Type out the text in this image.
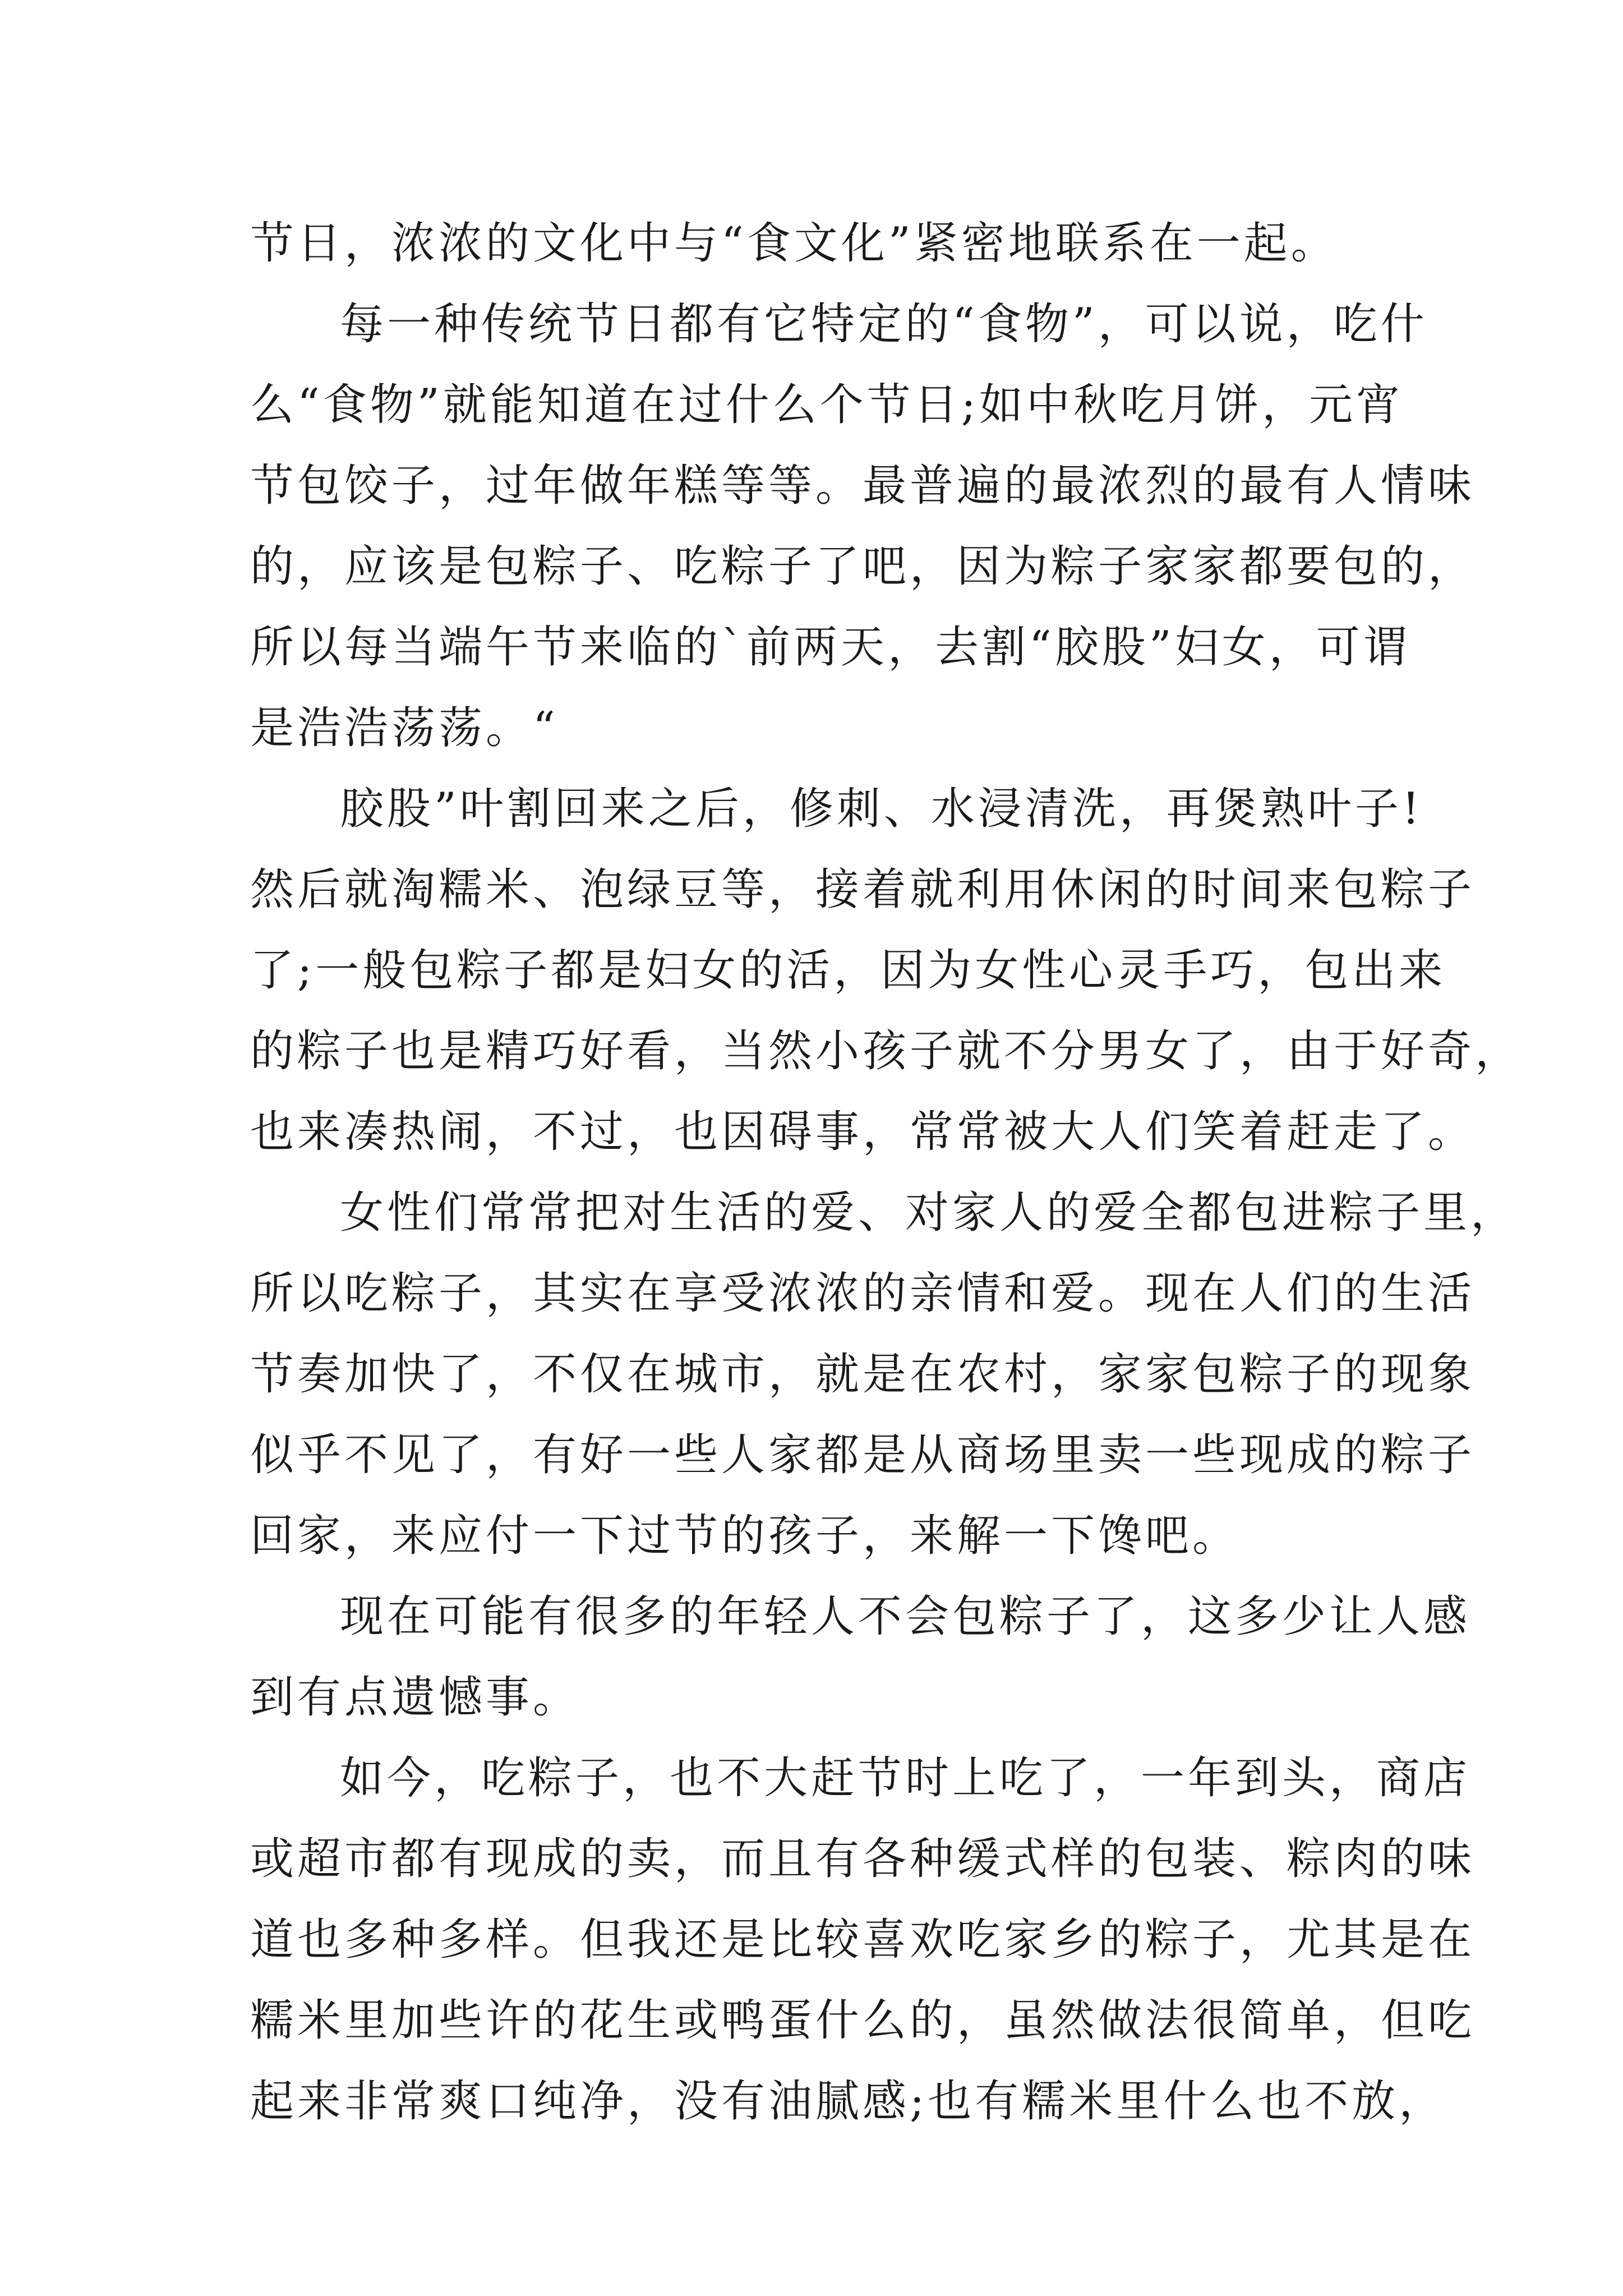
节日，浓浓的文化中与“食文化”紧密地联系在一起。
每一种传统节日都有它特定的“食物”，可以说，吃什
么“食物”就能知道在过什么个节日;如中秋吃月饼，元宵
节包饺子，过年做年糕等等。最普遍的最浓烈的最有人情味
的，应该是包粽子、吃粽子了吧，因为粽子家家都要包的，
所以每当端午节来临的`前两天，去割“胶股”妇女，可谓
是浩浩荡荡。“
胶股”叶割回来之后，修刺、水浸清洗，再煲熟叶子!
然后就淘糯米、泡绿豆等，接着就利用休闲的时间来包粽子
了;一般包粽子都是妇女的活，因为女性心灵手巧，包出来
的粽子也是精巧好看，当然小孩子就不分男女了，由于好奇，
也来凑热闹，不过，也因碍事，常常被大人们笑着赶走了。
女性们常常把对生活的爱、对家人的爱全都包进粽子里，
所以吃粽子，其实在享受浓浓的亲情和爱。现在人们的生活
节奏加快了，不仅在城市，就是在农村，家家包粽子的现象
似乎不见了，有好一些人家都是从商场里卖一些现成的粽子
回家，来应付一下过节的孩子，来解一下馋吧。
现在可能有很多的年轻人不会包粽子了，这多少让人感
到有点遗憾事。
如今，吃粽子，也不大赶节时上吃了，一年到头，商店
或超市都有现成的卖，而且有各种缓式样的包装、粽肉的味
道也多种多样。但我还是比较喜欢吃家乡的粽子，尤其是在
糯米里加些许的花生或鸭蛋什么的，虽然做法很简单，但吃
起来非常爽口纯净，没有油腻感;也有糯米里什么也不放，
